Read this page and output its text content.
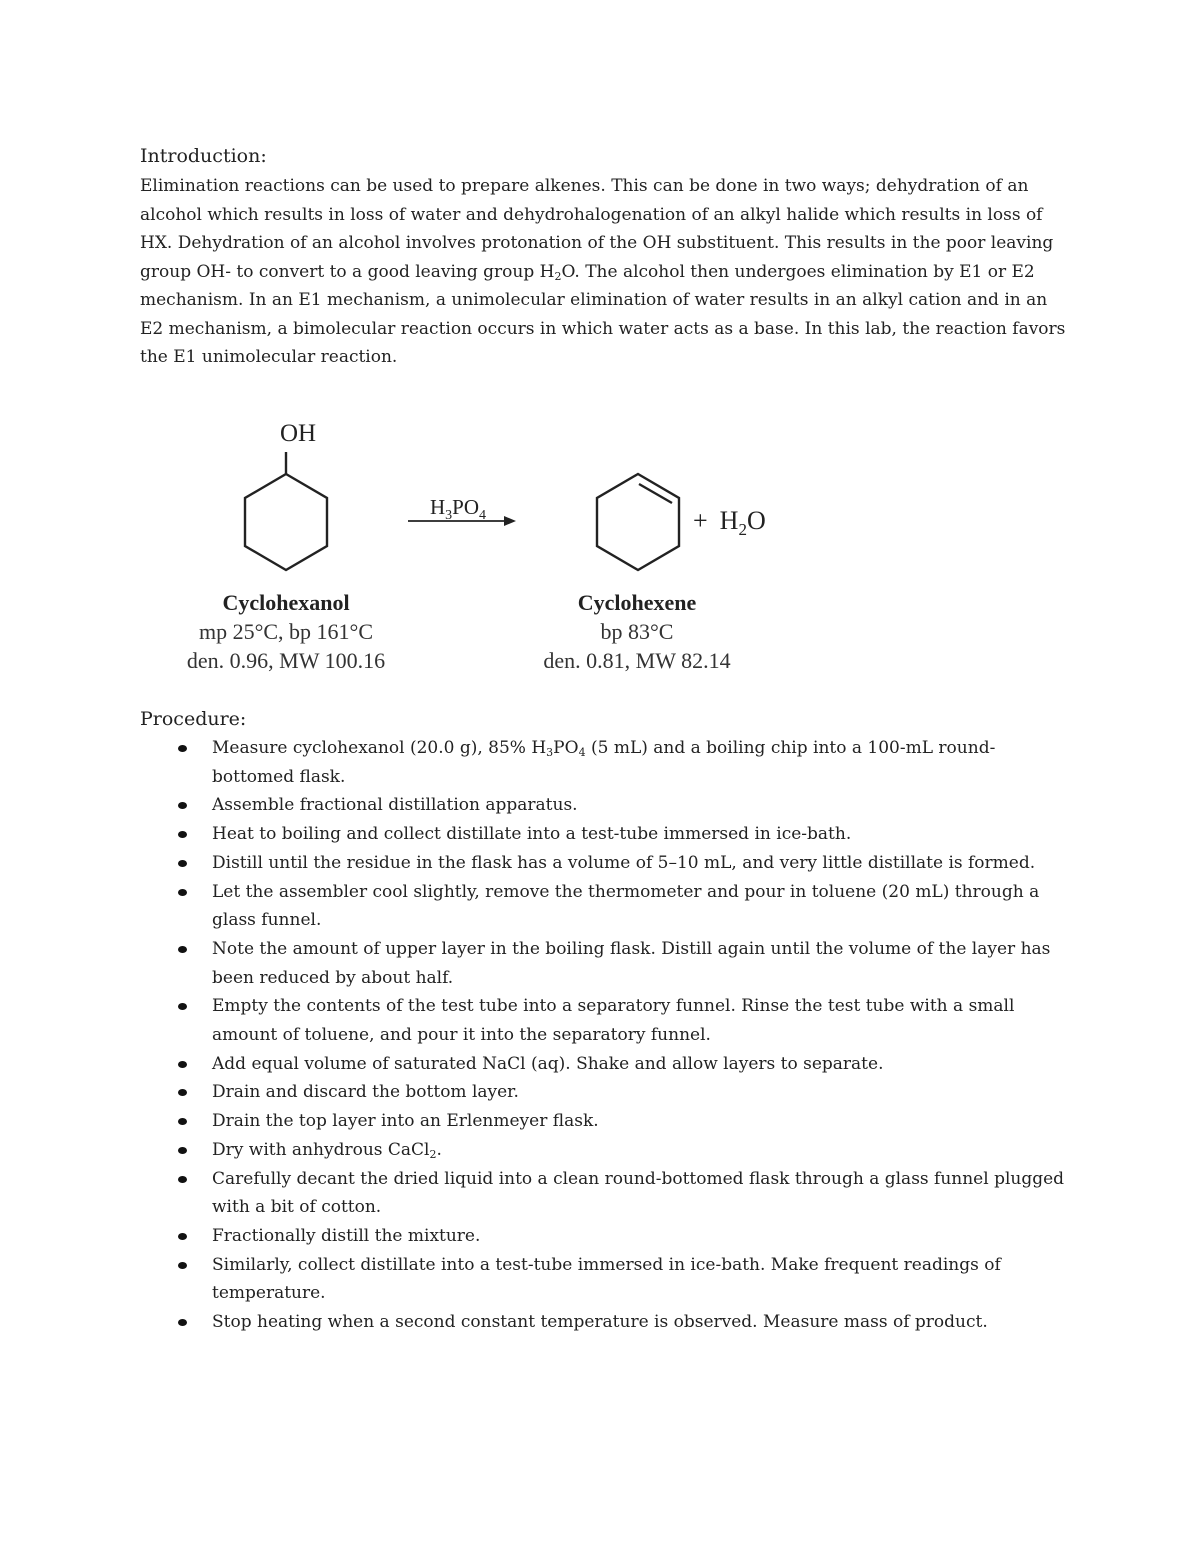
Introduction:

Elimination reactions can be used to prepare alkenes. This can be done in two ways; dehydration of an alcohol which results in loss of water and dehydrohalogenation of an alkyl halide which results in loss of HX. Dehydration of an alcohol involves protonation of the OH substituent. This results in the poor leaving group OH- to convert to a good leaving group $H_2O$. The alcohol then undergoes elimination by E1 or E2 mechanism. In an E1 mechanism, a unimolecular elimination of water results in an alkyl cation and in an E2 mechanism, a bimolecular reaction occurs in which water acts as a base. In this lab, the reaction favors the E1 unimolecular reaction.

OH
$H_3PO_4$	+ $H_2O$
Cyclohexanol
mp 25°C, bp 161°C
den. 0.96, MW 100.16
Cyclohexene
bp 83°C
den. 0.81, MW 82.14
Procedure:
Measure cyclohexanol (20.0 g), 85% $H_3PO_4$ (5 mL) and a boiling chip into a 100-mL round-bottomed flask.
Assemble fractional distillation apparatus.
Heat to boiling and collect distillate into a test-tube immersed in ice-bath.
Distill until the residue in the flask has a volume of 5–10 mL, and very little distillate is formed.
Let the assembler cool slightly, remove the thermometer and pour in toluene (20 mL) through a glass funnel.
Note the amount of upper layer in the boiling flask. Distill again until the volume of the layer has been reduced by about half.
Empty the contents of the test tube into a separatory funnel. Rinse the test tube with a small amount of toluene, and pour it into the separatory funnel.
Add equal volume of saturated NaCl (aq). Shake and allow layers to separate.
Drain and discard the bottom layer.
Drain the top layer into an Erlenmeyer flask.
Dry with anhydrous CaCl$_2$.
Carefully decant the dried liquid into a clean round-bottomed flask through a glass funnel plugged with a bit of cotton.
Fractionally distill the mixture.
Similarly, collect distillate into a test-tube immersed in ice-bath. Make frequent readings of temperature.
Stop heating when a second constant temperature is observed. Measure mass of product.
